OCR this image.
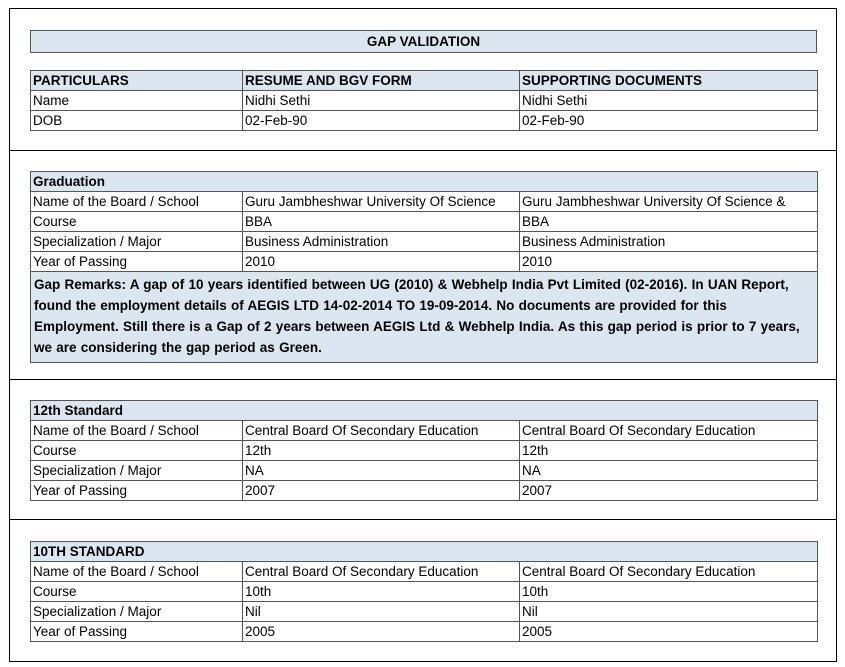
GAP VALIDATION
PARTICULARS	RESUME AND BGV FORM	SUPPORTING DOCUMENTS
Name	Nidhi Sethi	Nidhi Sethi
DOB	02-Feb-90	02-Feb-90
Graduation		
Name of the Board / School	Guru Jambheshwar University Of Science	Guru Jambheshwar University Of Science &
Course	BBA	BBA
Specialization / Major	Business Administration	Business Administration
Year of Passing	2010	2010
Gap Remarks: A gap of 10 years identified between UG (2010) & Webhelp India Pvt Limited (02-2016). In UAN Report, found the employment details of AEGIS LTD 14-02-2014 TO 19-09-2014. No documents are provided for this Employment. Still there is a Gap of 2 years between AEGIS Ltd & Webhelp India. As this gap period is prior to 7 years, we are considering the gap period as Green.		
12th Standard		
Name of the Board / School	Central Board Of Secondary Education	Central Board Of Secondary Education
Course	12th	12th
Specialization / Major	NA	NA
Year of Passing	2007	2007
10TH STANDARD		
Name of the Board / School	Central Board Of Secondary Education	Central Board Of Secondary Education
Course	10th	10th
Specialization / Major	Nil	Nil
Year of Passing	2005	2005
